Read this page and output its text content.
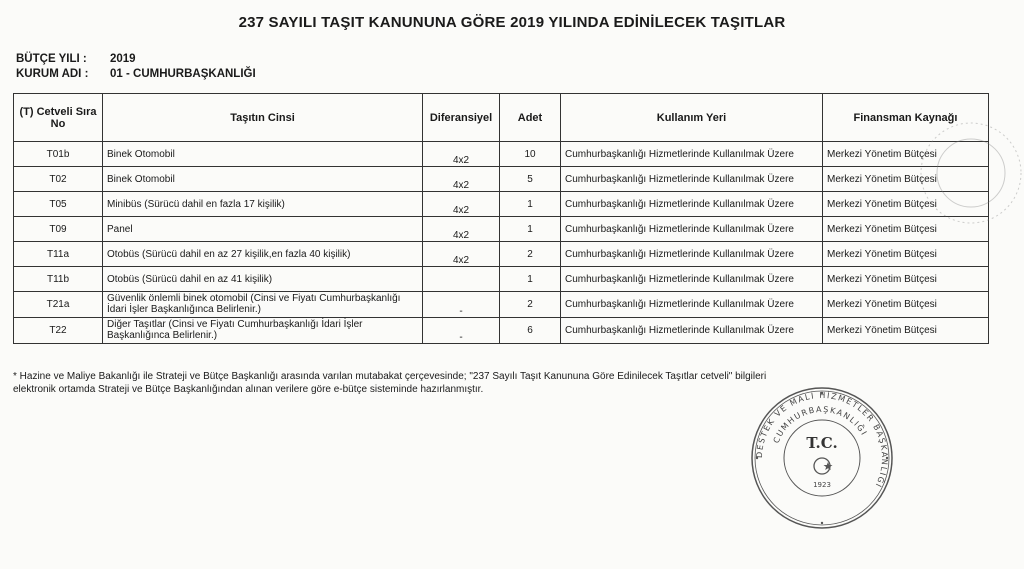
237 SAYILI TAŞIT KANUNUNA GÖRE 2019 YILINDA EDİNİLECEK TAŞITLAR
BÜTÇE YILI : 2019
KURUM ADI : 01 - CUMHURBAŞKANLIĞI
(T) Cetveli Sıra No	Taşıtın Cinsi	Diferansiyel	Adet	Kullanım Yeri	Finansman Kaynağı
T01b	Binek Otomobil	4x2	10	Cumhurbaşkanlığı Hizmetlerinde Kullanılmak Üzere	Merkezi Yönetim Bütçesi
T02	Binek Otomobil	4x2	5	Cumhurbaşkanlığı Hizmetlerinde Kullanılmak Üzere	Merkezi Yönetim Bütçesi
T05	Minibüs (Sürücü dahil en fazla 17 kişilik)	4x2	1	Cumhurbaşkanlığı Hizmetlerinde Kullanılmak Üzere	Merkezi Yönetim Bütçesi
T09	Panel	4x2	1	Cumhurbaşkanlığı Hizmetlerinde Kullanılmak Üzere	Merkezi Yönetim Bütçesi
T11a	Otobüs (Sürücü dahil en az 27 kişilik,en fazla 40 kişilik)	4x2	2	Cumhurbaşkanlığı Hizmetlerinde Kullanılmak Üzere	Merkezi Yönetim Bütçesi
T11b	Otobüs (Sürücü dahil en az 41 kişilik)		1	Cumhurbaşkanlığı Hizmetlerinde Kullanılmak Üzere	Merkezi Yönetim Bütçesi
T21a	Güvenlik önlemli binek otomobil (Cinsi ve Fiyatı Cumhurbaşkanlığı İdari İşler Başkanlığınca Belirlenir.)	-	2	Cumhurbaşkanlığı Hizmetlerinde Kullanılmak Üzere	Merkezi Yönetim Bütçesi
T22	Diğer Taşıtlar (Cinsi ve Fiyatı Cumhurbaşkanlığı İdari İşler Başkanlığınca Belirlenir.)	-	6	Cumhurbaşkanlığı Hizmetlerinde Kullanılmak Üzere	Merkezi Yönetim Bütçesi
* Hazine ve Maliye Bakanlığı ile Strateji ve Bütçe Başkanlığı arasında varılan mutabakat çerçevesinde; "237 Sayılı Taşıt Kanununa Göre Edinilecek Taşıtlar cetveli" bilgileri
elektronik ortamda Strateji ve Bütçe Başkanlığından alınan verilere göre e-bütçe sisteminde hazırlanmıştır.
DESTEK VE MALİ HİZMETLER BAŞKANLIĞI
CUMHURBAŞKANLIĞI
T.C.
1923
